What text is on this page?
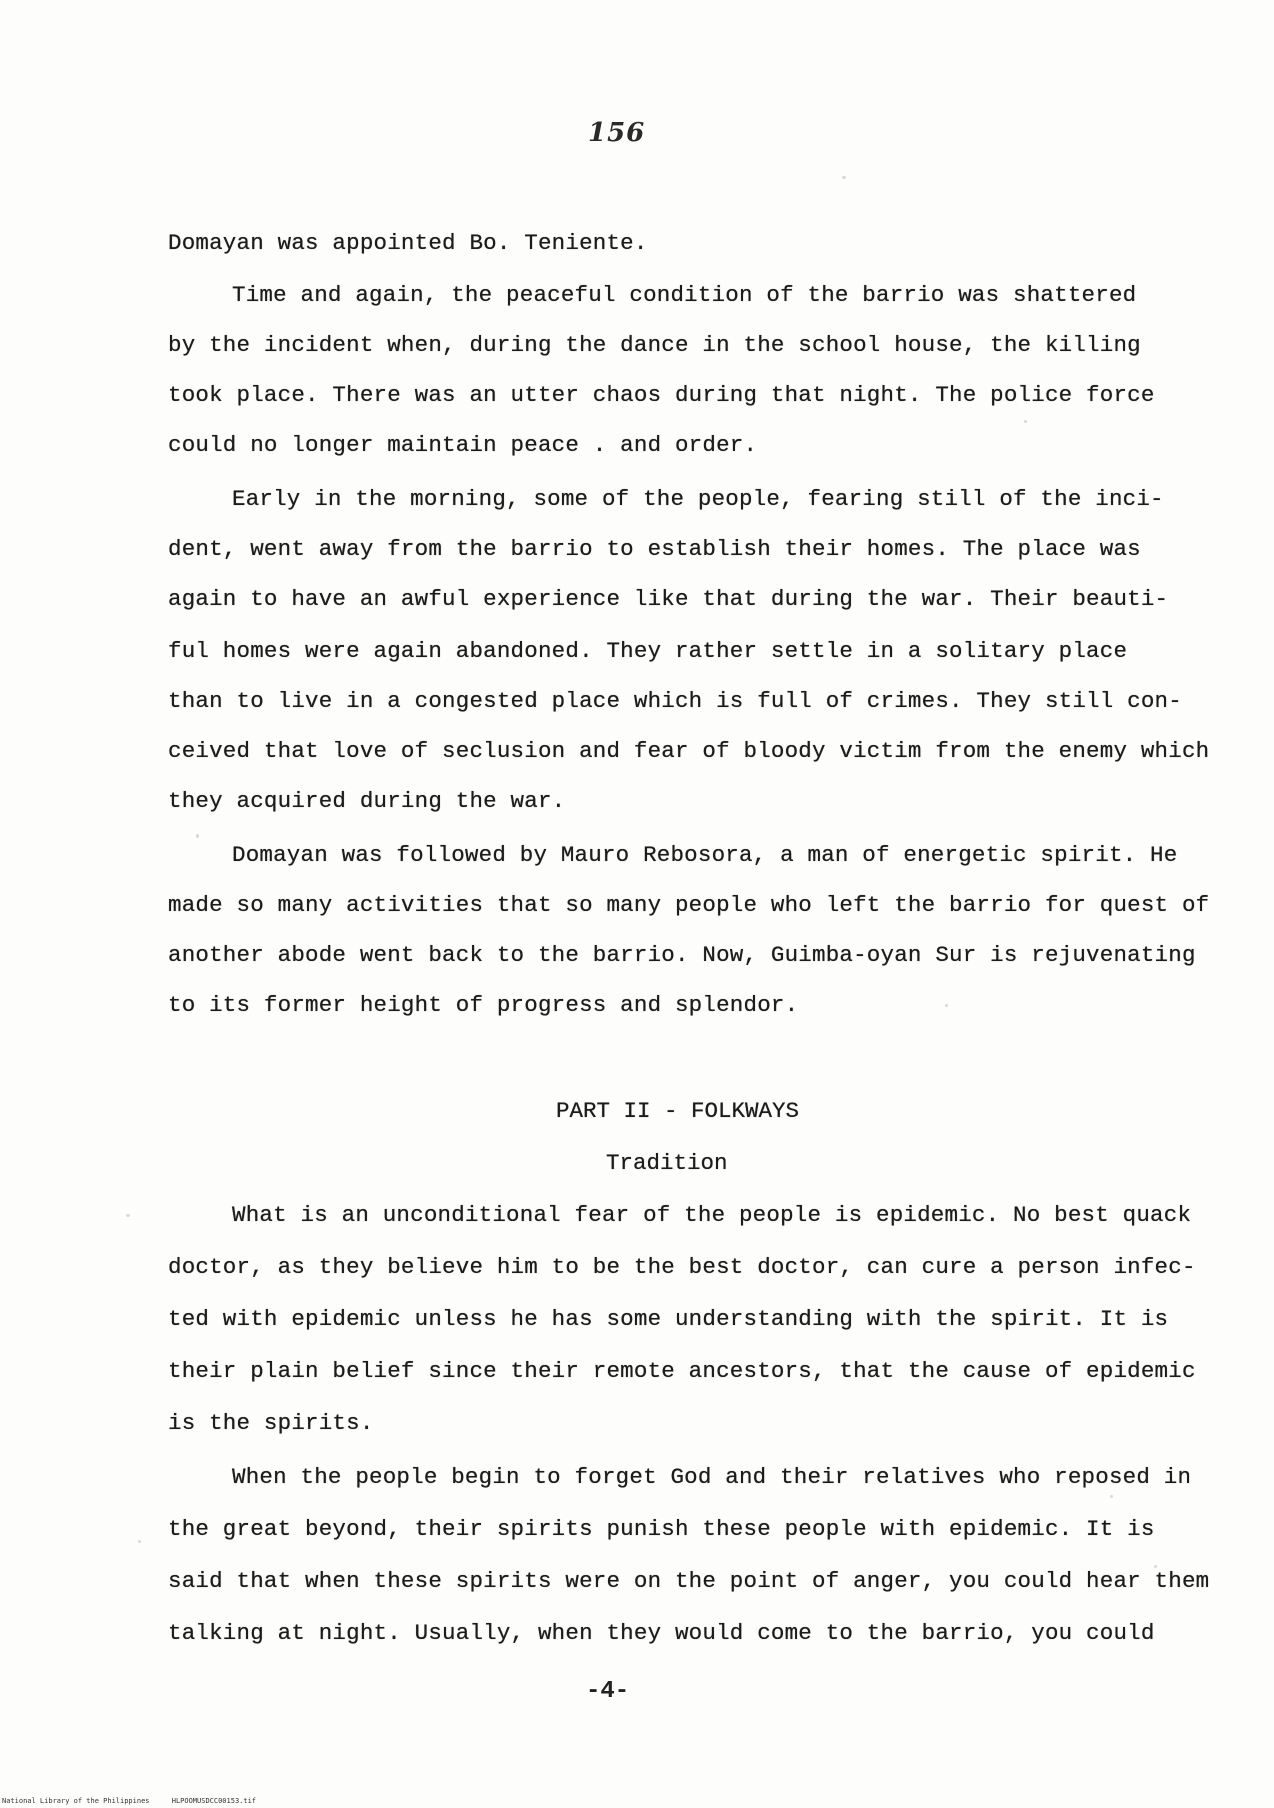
156
Domayan was appointed Bo. Teniente.
Time and again, the peaceful condition of the barrio was shattered
by the incident when, during the dance in the school house, the killing
took place. There was an utter chaos during that night. The police force
could no longer maintain peace . and order.
Early in the morning, some of the people, fearing still of the inci-
dent, went away from the barrio to establish their homes. The place was
again to have an awful experience like that during the war. Their beauti-
ful homes were again abandoned. They rather settle in a solitary place
than to live in a congested place which is full of crimes. They still con-
ceived that love of seclusion and fear of bloody victim from the enemy which
they acquired during the war.
Domayan was followed by Mauro Rebosora, a man of energetic spirit. He
made so many activities that so many people who left the barrio for quest of
another abode went back to the barrio. Now, Guimba-oyan Sur is rejuvenating
to its former height of progress and splendor.
PART II - FOLKWAYS
Tradition
What is an unconditional fear of the people is epidemic. No best quack
doctor, as they believe him to be the best doctor, can cure a person infec-
ted with epidemic unless he has some understanding with the spirit. It is
their plain belief since their remote ancestors, that the cause of epidemic
is the spirits.
When the people begin to forget God and their relatives who reposed in
the great beyond, their spirits punish these people with epidemic. It is
said that when these spirits were on the point of anger, you could hear them
talking at night. Usually, when they would come to the barrio, you could
-4-
National Library of the Philippines	HLPOOMUSDCC00153.tif
